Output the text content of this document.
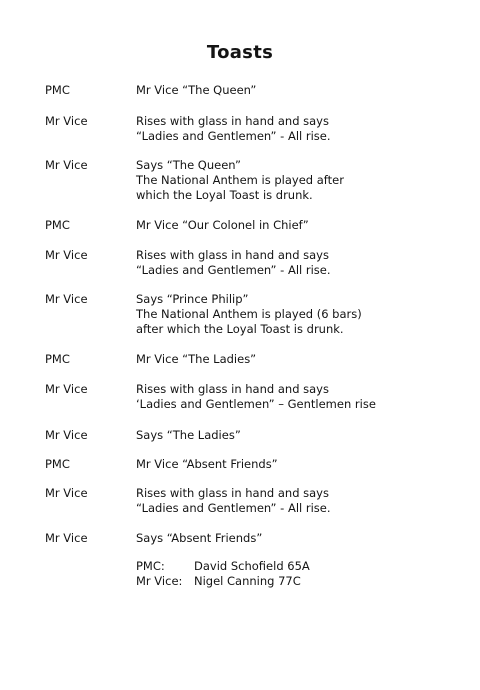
Toasts
PMC	Mr Vice “The Queen”
Mr Vice	Rises with glass in hand and says
“Ladies and Gentlemen” - All rise.
Mr Vice	Says “The Queen”
The National Anthem is played after
which the Loyal Toast is drunk.
PMC	Mr Vice “Our Colonel in Chief”
Mr Vice	Rises with glass in hand and says
“Ladies and Gentlemen” - All rise.
Mr Vice	Says “Prince Philip”
The National Anthem is played (6 bars)
after which the Loyal Toast is drunk.
PMC	Mr Vice “The Ladies”
Mr Vice	Rises with glass in hand and says
‘Ladies and Gentlemen” – Gentlemen rise
Mr Vice	Says “The Ladies”
PMC	Mr Vice “Absent Friends”
Mr Vice	Rises with glass in hand and says
“Ladies and Gentlemen” - All rise.
Mr Vice	Says “Absent Friends”
PMC:	David Schofield 65A
Mr Vice:	Nigel Canning 77C
